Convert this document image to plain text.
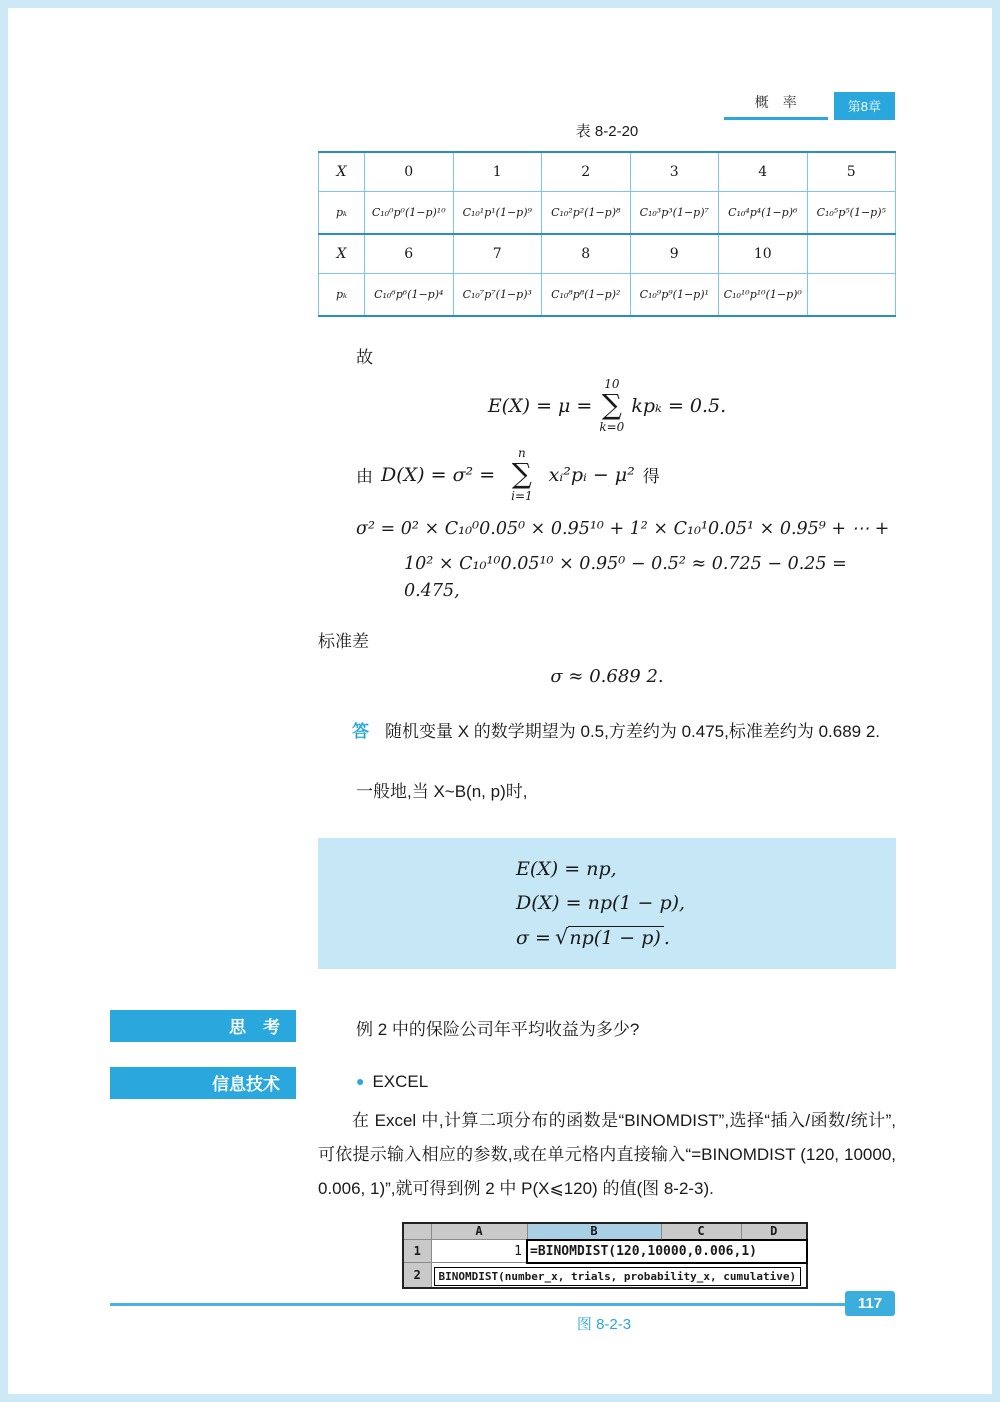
概　率	第8章
表 8-2-20
X	0	1	2	3	4	5
pₖ	C₁₀⁰p⁰(1−p)¹⁰	C₁₀¹p¹(1−p)⁹	C₁₀²p²(1−p)⁸	C₁₀³p³(1−p)⁷	C₁₀⁴p⁴(1−p)⁶	C₁₀⁵p⁵(1−p)⁵
X	6	7	8	9	10	
pₖ	C₁₀⁶p⁶(1−p)⁴	C₁₀⁷p⁷(1−p)³	C₁₀⁸p⁸(1−p)²	C₁₀⁹p⁹(1−p)¹	C₁₀¹⁰p¹⁰(1−p)⁰	
故
E(X) = μ =
10
∑
k=0
kpₖ = 0.5.
由 D(X) = σ² =
n
∑
i=1
xᵢ²pᵢ − μ² 得
σ² = 0² × C₁₀⁰0.05⁰ × 0.95¹⁰ + 1² × C₁₀¹0.05¹ × 0.95⁹ + ⋯ +
10² × C₁₀¹⁰0.05¹⁰ × 0.95⁰ − 0.5² ≈ 0.725 − 0.25 = 0.475,
标准差
σ ≈ 0.689 2.
答 随机变量 X 的数学期望为 0.5,方差约为 0.475,标准差约为 0.689 2.
一般地,当 X~B(n, p)时,
E(X) = np,
D(X) = np(1 − p),
σ = √np(1 − p) .
思　考	例 2 中的保险公司年平均收益为多少?
信息技术	● EXCEL
在 Excel 中,计算二项分布的函数是“BINOMDIST”,选择“插入/函数/统计”,可依提示输入相应的参数,或在单元格内直接输入“=BINOMDIST (120, 10000, 0.006, 1)”,就可得到例 2 中 P(X⩽120) 的值(图 8-2-3).
	A	B	C	D
1	1	=BINOMDIST(120,10000,0.006,1)		
2	BINOMDIST(number_x, trials, probability_x, cumulative)			
图 8-2-3
117
